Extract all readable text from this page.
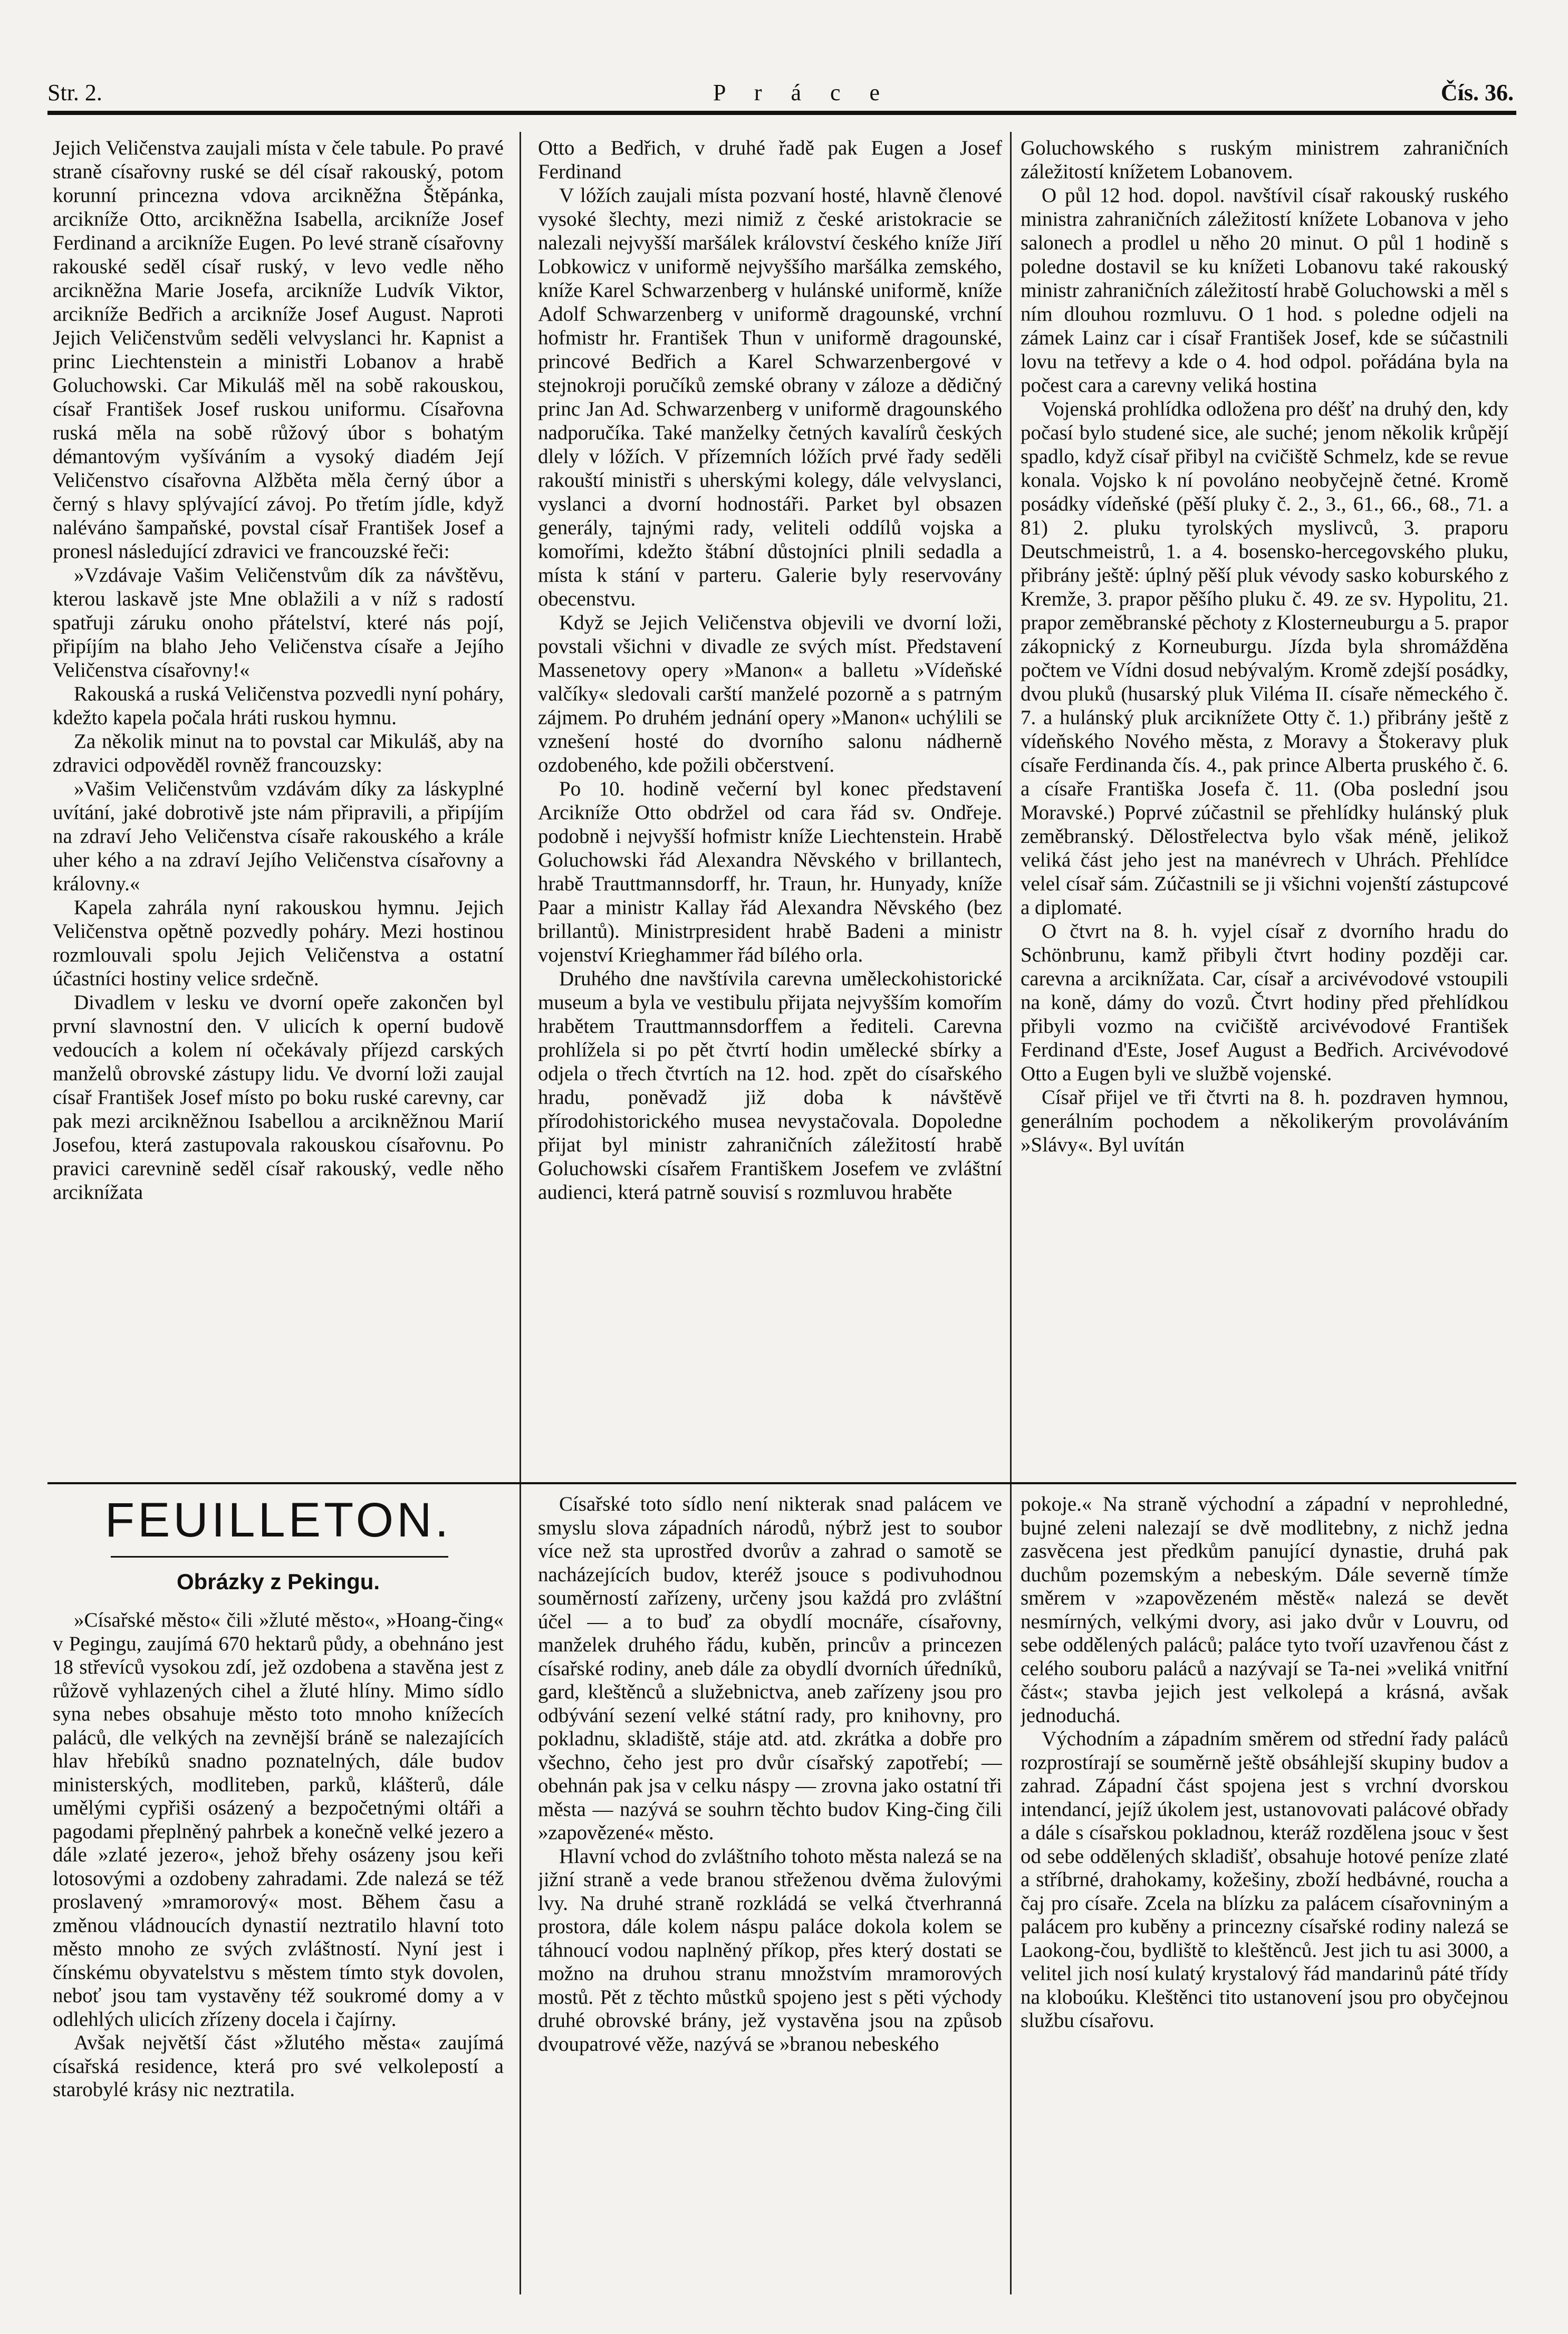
Str. 2.	P r á c e	Čís. 36.

Jejich Veličenstva zaujali místa v čele tabule. Po pravé straně císařovny ruské se dél císař rakouský, potom korunní princezna vdova arcikněžna Štěpánka, arcikníže Otto, arcikněžna Isabella, arcikníže Josef Ferdinand a arcikníže Eugen. Po levé straně císařovny rakouské seděl císař ruský, v levo vedle něho arcikněžna Marie Josefa, arcikníže Ludvík Viktor, arcikníže Bedřich a arcikníže Josef August. Naproti Jejich Veličenstvům seděli velvyslanci hr. Kapnist a princ Liechtenstein a ministři Lobanov a hrabě Goluchowski. Car Mikuláš měl na sobě rakouskou, císař František Josef ruskou uniformu. Císařovna ruská měla na sobě růžový úbor s bohatým démantovým vyšíváním a vysoký diadém Její Veličenstvo císařovna Alžběta měla černý úbor a černý s hlavy splývající závoj. Po třetím jídle, když naléváno šampaňské, povstal císař František Josef a pronesl následující zdravici ve francouzské řeči:

»Vzdávaje Vašim Veličenstvům dík za návštěvu, kterou laskavě jste Mne oblažili a v níž s radostí spatřuji záruku onoho přátelství, které nás pojí, připíjím na blaho Jeho Veličenstva císaře a Jejího Veličenstva císařovny!«

Rakouská a ruská Veličenstva pozvedli nyní poháry, kdežto kapela počala hráti ruskou hymnu.

Za několik minut na to povstal car Mikuláš, aby na zdravici odpověděl rovněž francouzsky:

»Vašim Veličenstvům vzdávám díky za láskyplné uvítání, jaké dobrotivě jste nám připravili, a připíjím na zdraví Jeho Veličenstva císaře rakouského a krále uher kého a na zdraví Jejího Veličenstva císařovny a královny.«

Kapela zahrála nyní rakouskou hymnu. Jejich Veličenstva opětně pozvedly poháry. Mezi hostinou rozmlouvali spolu Jejich Veličenstva a ostatní účastníci hostiny velice srdečně.

Divadlem v lesku ve dvorní opeře zakončen byl první slavnostní den. V ulicích k operní budově vedoucích a kolem ní očekávaly příjezd carských manželů obrovské zástupy lidu. Ve dvorní loži zaujal císař František Josef místo po boku ruské carevny, car pak mezi arcikněžnou Isabellou a arcikněžnou Marií Josefou, která zastupovala rakouskou císařovnu. Po pravici carevnině seděl císař rakouský, vedle něho arciknížata

Otto a Bedřich, v druhé řadě pak Eugen a Josef Ferdinand

V lóžích zaujali místa pozvaní hosté, hlavně členové vysoké šlechty, mezi nimiž z české aristokracie se nalezali nejvyšší maršálek království českého kníže Jiří Lobkowicz v uniformě nejvyššího maršálka zemského, kníže Karel Schwarzenberg v hulánské uniformě, kníže Adolf Schwarzenberg v uniformě dragounské, vrchní hofmistr hr. František Thun v uniformě dragounské, princové Bedřich a Karel Schwarzenbergové v stejnokroji poručíků zemské obrany v záloze a dědičný princ Jan Ad. Schwarzenberg v uniformě dragounského nadporučíka. Také manželky četných kavalírů českých dlely v lóžích. V přízemních lóžích prvé řady seděli rakouští ministři s uherskými kolegy, dále velvyslanci, vyslanci a dvorní hodnostáři. Parket byl obsazen generály, tajnými rady, veliteli oddílů vojska a komořími, kdežto štábní důstojníci plnili sedadla a místa k stání v parteru. Galerie byly reservovány obecenstvu.

Když se Jejich Veličenstva objevili ve dvorní loži, povstali všichni v divadle ze svých míst. Představení Massenetovy opery »Manon« a balletu »Vídeňské valčíky« sledovali carští manželé pozorně a s patrným zájmem. Po druhém jednání opery »Manon« uchýlili se vznešení hosté do dvorního salonu nádherně ozdobeného, kde požili občerstvení.

Po 10. hodině večerní byl konec představení Arcikníže Otto obdržel od cara řád sv. Ondřeje. podobně i nejvyšší hofmistr kníže Liechtenstein. Hrabě Goluchowski řád Alexandra Něvského v brillantech, hrabě Trauttmannsdorff, hr. Traun, hr. Hunyady, kníže Paar a ministr Kallay řád Alexandra Něvského (bez brillantů). Ministrpresident hrabě Badeni a ministr vojenství Krieghammer řád bílého orla.

Druhého dne navštívila carevna uměleckohistorické museum a byla ve vestibulu přijata nejvyšším komořím hrabětem Trauttmannsdorffem a řediteli. Carevna prohlížela si po pět čtvrtí hodin umělecké sbírky a odjela o třech čtvrtích na 12. hod. zpět do císařského hradu, poněvadž již doba k návštěvě přírodohistorického musea nevystačovala. Dopoledne přijat byl ministr zahraničních záležitostí hrabě Goluchowski císařem Františkem Josefem ve zvláštní audienci, která patrně souvisí s rozmluvou hraběte

Goluchowského s ruským ministrem zahraničních záležitostí knížetem Lobanovem.

O půl 12 hod. dopol. navštívil císař rakouský ruského ministra zahraničních záležitostí knížete Lobanova v jeho salonech a prodlel u něho 20 minut. O půl 1 hodině s poledne dostavil se ku knížeti Lobanovu také rakouský ministr zahraničních záležitostí hrabě Goluchowski a měl s ním dlouhou rozmluvu. O 1 hod. s poledne odjeli na zámek Lainz car i císař František Josef, kde se súčastnili lovu na tetřevy a kde o 4. hod odpol. pořádána byla na počest cara a carevny veliká hostina

Vojenská prohlídka odložena pro déšť na druhý den, kdy počasí bylo studené sice, ale suché; jenom několik krůpějí spadlo, když císař přibyl na cvičiště Schmelz, kde se revue konala. Vojsko k ní povoláno neobyčejně četné. Kromě posádky vídeňské (pěší pluky č. 2., 3., 61., 66., 68., 71. a 81) 2. pluku tyrolských myslivců, 3. praporu Deutschmeistrů, 1. a 4. bosensko-hercegovského pluku, přibrány ještě: úplný pěší pluk vévody sasko koburského z Kremže, 3. prapor pěšího pluku č. 49. ze sv. Hypolitu, 21. prapor zeměbranské pěchoty z Klosterneuburgu a 5. prapor zákopnický z Korneuburgu. Jízda byla shromážděna počtem ve Vídni dosud nebývalým. Kromě zdejší posádky, dvou pluků (husarský pluk Viléma II. císaře německého č. 7. a hulánský pluk arciknížete Otty č. 1.) přibrány ještě z vídeňského Nového města, z Moravy a Štokeravy pluk císaře Ferdinanda čís. 4., pak prince Alberta pruského č. 6. a císaře Františka Josefa č. 11. (Oba poslední jsou Moravské.) Poprvé zúčastnil se přehlídky hulánský pluk zeměbranský. Dělostřelectva bylo však méně, jelikož veliká část jeho jest na manévrech v Uhrách. Přehlídce velel císař sám. Zúčastnili se ji všichni vojenští zástupcové a diplomaté.

O čtvrt na 8. h. vyjel císař z dvorního hradu do Schönbrunu, kamž přibyli čtvrt hodiny později car. carevna a arciknížata. Car, císař a arcivévodové vstoupili na koně, dámy do vozů. Čtvrt hodiny před přehlídkou přibyli vozmo na cvičiště arcivévodové František Ferdinand d'Este, Josef August a Bedřich. Arcivévodové Otto a Eugen byli ve službě vojenské.

Císař přijel ve tři čtvrti na 8. h. pozdraven hymnou, generálním pochodem a několikerým provoláváním »Slávy«. Byl uvítán

FEUILLETON.
Obrázky z Pekingu.

»Císařské město« čili »žluté město«, »Hoang-čing« v Pegingu, zaujímá 670 hektarů půdy, a obehnáno jest 18 střevíců vysokou zdí, jež ozdobena a stavěna jest z růžově vyhlazených cihel a žluté hlíny. Mimo sídlo syna nebes obsahuje město toto mnoho knížecích paláců, dle velkých na zevnější bráně se nalezajících hlav hřebíků snadno poznatelných, dále budov ministerských, modliteben, parků, klášterů, dále umělými cypřiši osázený a bezpočetnými oltáři a pagodami přeplněný pahrbek a konečně velké jezero a dále »zlaté jezero«, jehož břehy osázeny jsou keři lotosovými a ozdobeny zahradami. Zde nalezá se též proslavený »mramorový« most. Během času a změnou vládnoucích dynastií neztratilo hlavní toto město mnoho ze svých zvláštností. Nyní jest i čínskému obyvatelstvu s městem tímto styk dovolen, neboť jsou tam vystavěny též soukromé domy a v odlehlých ulicích zřízeny docela i čajírny.

Avšak největší část »žlutého města« zaujímá císařská residence, která pro své velkolepostí a starobylé krásy nic neztratila.

Císařské toto sídlo není nikterak snad palácem ve smyslu slova západních národů, nýbrž jest to soubor více než sta uprostřed dvorův a zahrad o samotě se nacházejících budov, kteréž jsouce s podivuhodnou souměrností zařízeny, určeny jsou každá pro zvláštní účel — a to buď za obydlí mocnáře, císařovny, manželek druhého řádu, kuběn, princův a princezen císařské rodiny, aneb dále za obydlí dvorních úředníků, gard, kleštěnců a služebnictva, aneb zařízeny jsou pro odbývání sezení velké státní rady, pro knihovny, pro pokladnu, skladiště, stáje atd. atd. zkrátka a dobře pro všechno, čeho jest pro dvůr císařský zapotřebí; — obehnán pak jsa v celku náspy — zrovna jako ostatní tři města — nazývá se souhrn těchto budov King-čing čili »zapovězené« město.

Hlavní vchod do zvláštního tohoto města nalezá se na jižní straně a vede branou střeženou dvěma žulovými lvy. Na druhé straně rozkládá se velká čtverhranná prostora, dále kolem náspu paláce dokola kolem se táhnoucí vodou naplněný příkop, přes který dostati se možno na druhou stranu množstvím mramorových mostů. Pět z těchto můstků spojeno jest s pěti východy druhé obrovské brány, jež vystavěna jsou na způsob dvoupatrové věže, nazývá se »branou nebeského

pokoje.« Na straně východní a západní v neprohledné, bujné zeleni nalezají se dvě modlitebny, z nichž jedna zasvěcena jest předkům panující dynastie, druhá pak duchům pozemským a nebeským. Dále severně tímže směrem v »zapovězeném městě« nalezá se devět nesmírných, velkými dvory, asi jako dvůr v Louvru, od sebe oddělených paláců; paláce tyto tvoří uzavřenou část z celého souboru paláců a nazývají se Ta-nei »veliká vnitřní část«; stavba jejich jest velkolepá a krásná, avšak jednoduchá.

Východním a západním směrem od střední řady paláců rozprostírají se souměrně ještě obsáhlejší skupiny budov a zahrad. Západní část spojena jest s vrchní dvorskou intendancí, jejíž úkolem jest, ustanovovati palácové obřady a dále s císařskou pokladnou, kteráž rozdělena jsouc v šest od sebe oddělených skladišť, obsahuje hotové peníze zlaté a stříbrné, drahokamy, kožešiny, zboží hedbávné, roucha a čaj pro císaře. Zcela na blízku za palácem císařovniným a palácem pro kuběny a princezny císařské rodiny nalezá se Laokong-čou, bydliště to kleštěnců. Jest jich tu asi 3000, a velitel jich nosí kulatý krystalový řád mandarinů páté třídy na kloboúku. Kleštěnci tito ustanovení jsou pro obyčejnou službu císařovu.
